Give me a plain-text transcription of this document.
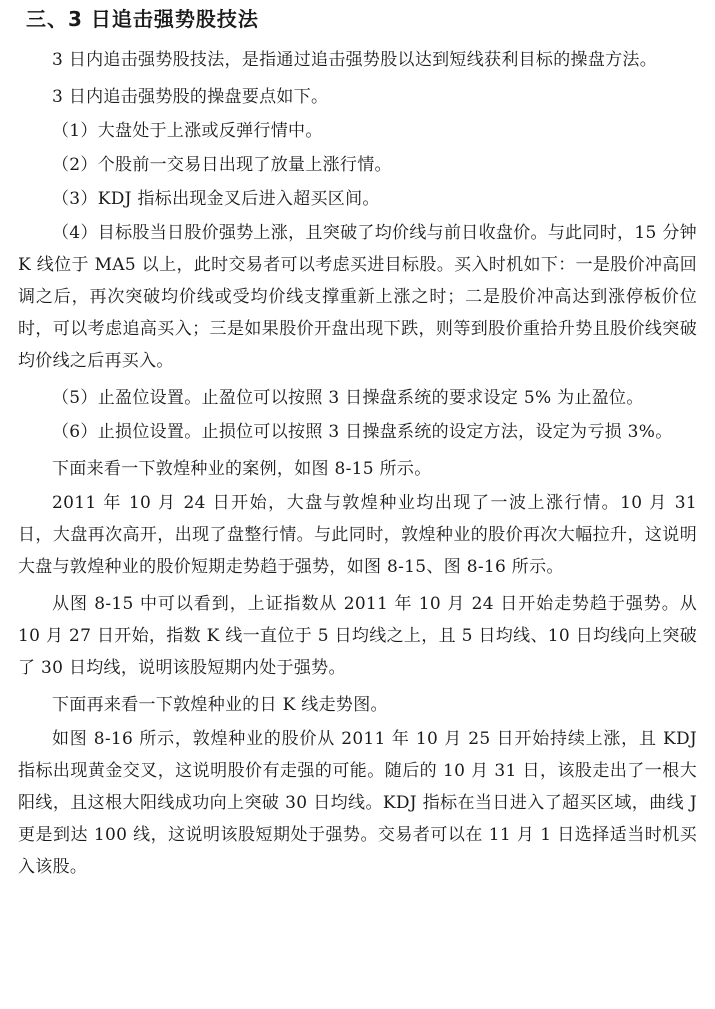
三、3 日追击强势股技法

3 日内追击强势股技法，是指通过追击强势股以达到短线获利目标的操盘方法。

3 日内追击强势股的操盘要点如下。

（1）大盘处于上涨或反弹行情中。

（2）个股前一交易日出现了放量上涨行情。

（3）KDJ 指标出现金叉后进入超买区间。

（4）目标股当日股价强势上涨，且突破了均价线与前日收盘价。与此同时，15 分钟 K 线位于 MA5 以上，此时交易者可以考虑买进目标股。买入时机如下：一是股价冲高回调之后，再次突破均价线或受均价线支撑重新上涨之时；二是股价冲高达到涨停板价位时，可以考虑追高买入；三是如果股价开盘出现下跌，则等到股价重拾升势且股价线突破均价线之后再买入。

（5）止盈位设置。止盈位可以按照 3 日操盘系统的要求设定 5% 为止盈位。

（6）止损位设置。止损位可以按照 3 日操盘系统的设定方法，设定为亏损 3%。

下面来看一下敦煌种业的案例，如图 8-15 所示。

2011 年 10 月 24 日开始，大盘与敦煌种业均出现了一波上涨行情。10 月 31 日，大盘再次高开，出现了盘整行情。与此同时，敦煌种业的股价再次大幅拉升，这说明大盘与敦煌种业的股价短期走势趋于强势，如图 8-15、图 8-16 所示。

从图 8-15 中可以看到，上证指数从 2011 年 10 月 24 日开始走势趋于强势。从 10 月 27 日开始，指数 K 线一直位于 5 日均线之上，且 5 日均线、10 日均线向上突破了 30 日均线，说明该股短期内处于强势。

下面再来看一下敦煌种业的日 K 线走势图。

如图 8-16 所示，敦煌种业的股价从 2011 年 10 月 25 日开始持续上涨，且 KDJ 指标出现黄金交叉，这说明股价有走强的可能。随后的 10 月 31 日，该股走出了一根大阳线，且这根大阳线成功向上突破 30 日均线。KDJ 指标在当日进入了超买区域，曲线 J 更是到达 100 线，这说明该股短期处于强势。交易者可以在 11 月 1 日选择适当时机买入该股。
